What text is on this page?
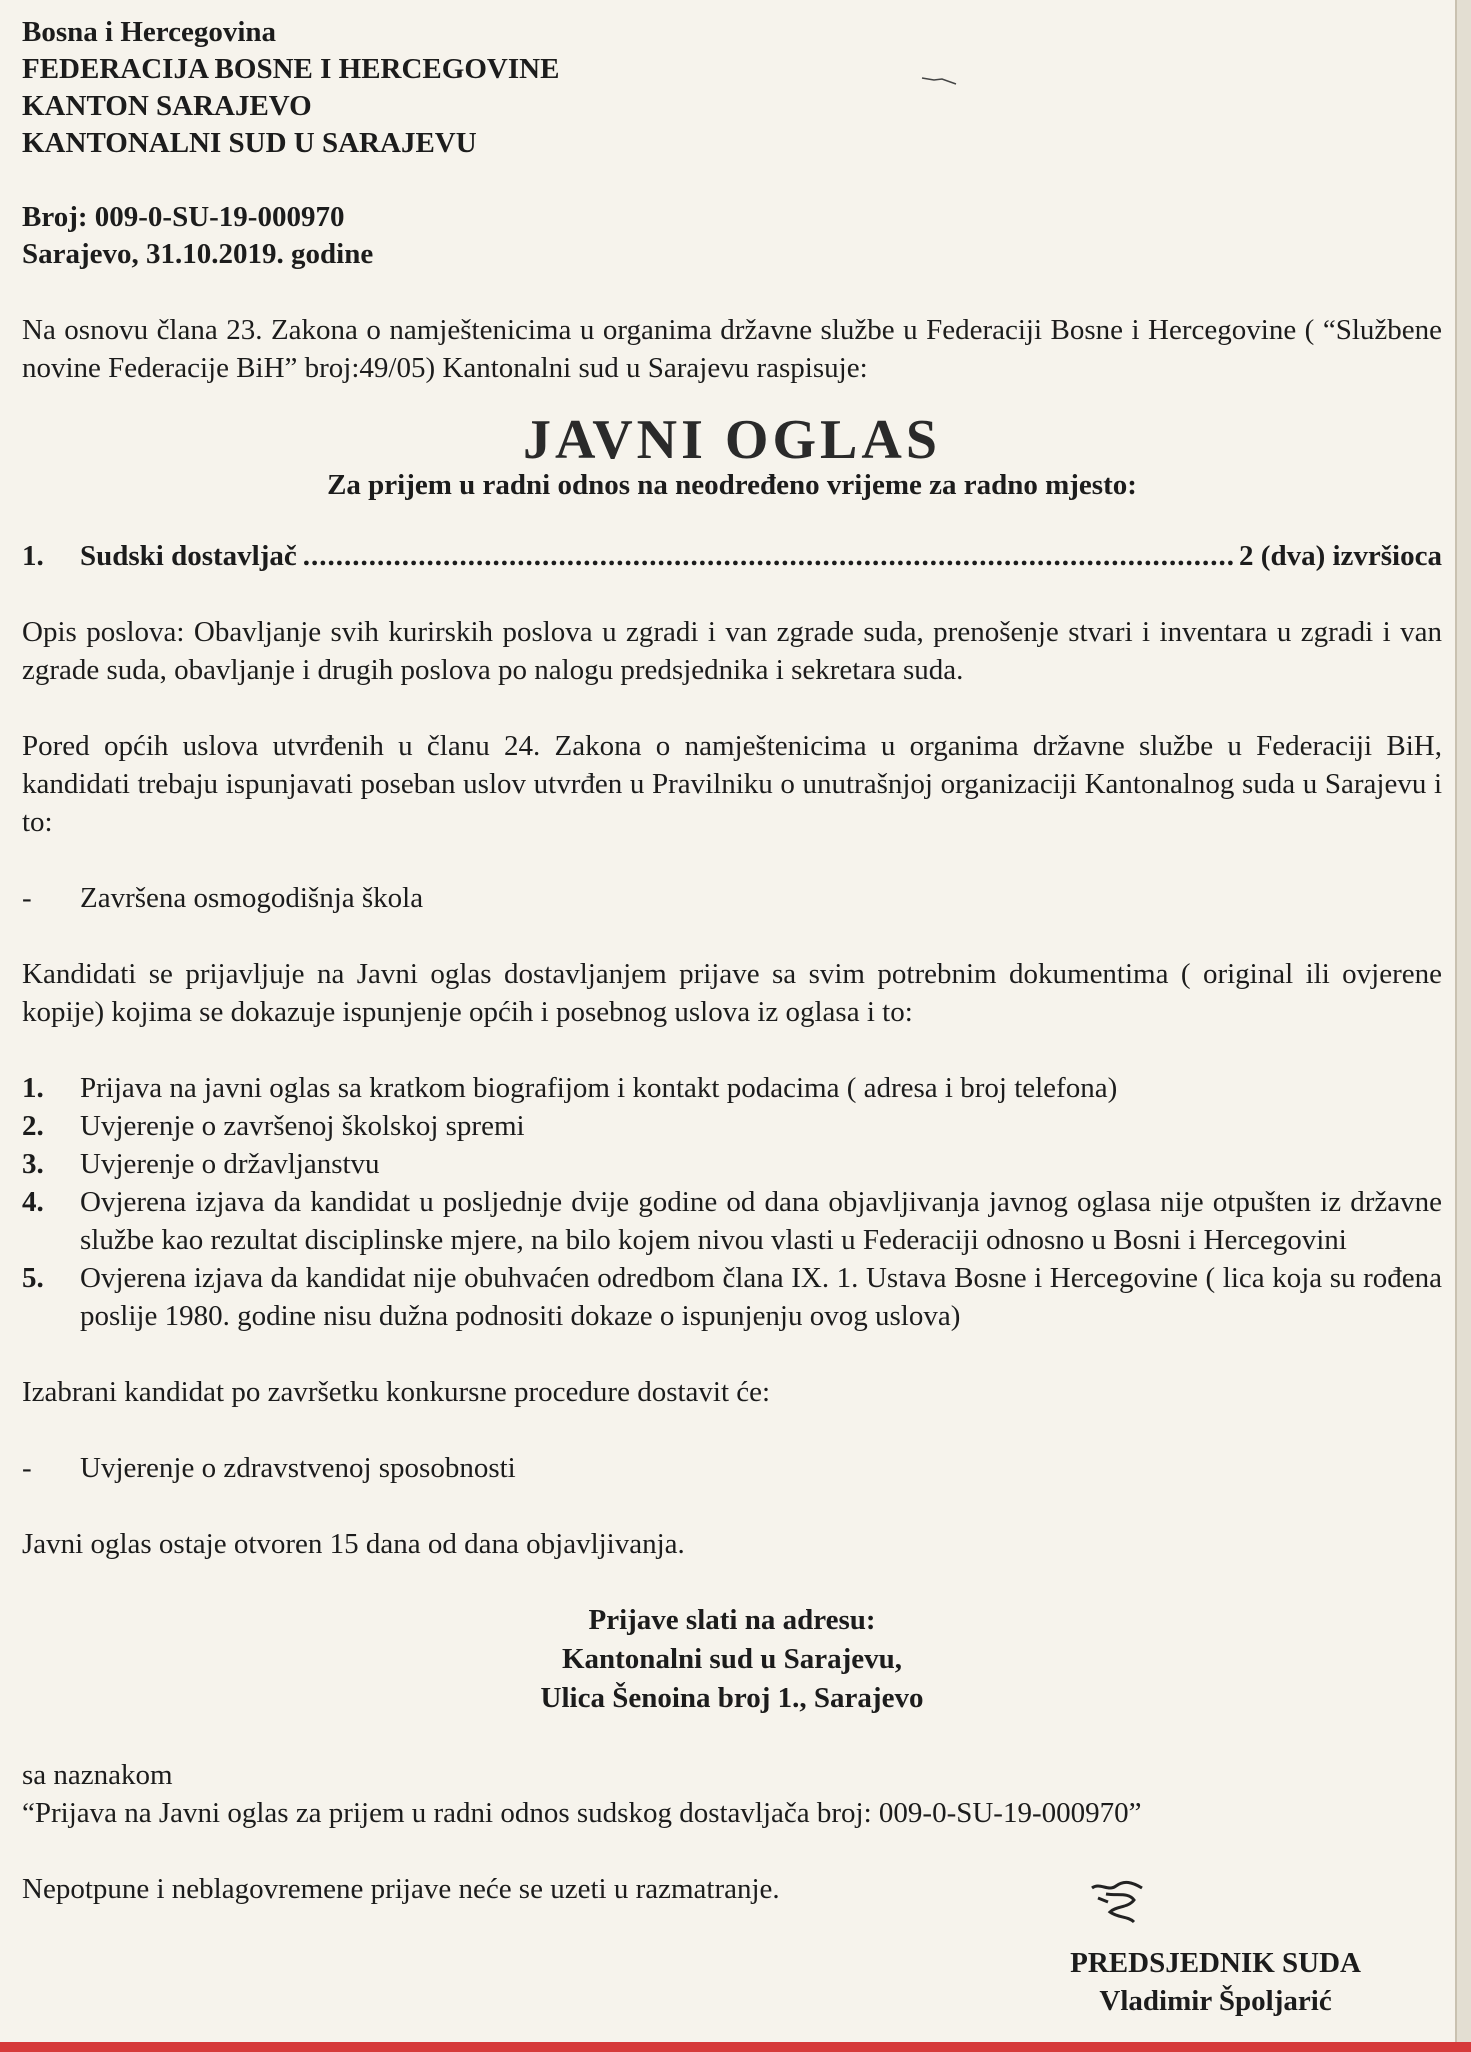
Bosna i Hercegovina

FEDERACIJA BOSNE I HERCEGOVINE

KANTON SARAJEVO

KANTONALNI SUD U SARAJEVU

Broj: 009-0-SU-19-000970

Sarajevo, 31.10.2019. godine

Na osnovu člana 23. Zakona o namještenicima u organima državne službe u Federaciji Bosne i Hercegovine ( “Službene novine Federacije BiH” broj:49/05) Kantonalni sud u Sarajevu raspisuje:

JAVNI OGLAS
Za prijem u radni odnos na neodređeno vrijeme za radno mjesto:
1.	Sudski dostavljač
.....	2 (dva) izvršioca

Opis poslova: Obavljanje svih kurirskih poslova u zgradi i van zgrade suda, prenošenje stvari i inventara u zgradi i van zgrade suda, obavljanje i drugih poslova po nalogu predsjednika i sekretara suda.

Pored općih uslova utvrđenih u članu 24. Zakona o namještenicima u organima državne službe u Federaciji BiH, kandidati trebaju ispunjavati poseban uslov utvrđen u Pravilniku o unutrašnjoj organizaciji Kantonalnog suda u Sarajevu i to:

-	Završena osmogodišnja škola

Kandidati se prijavljuje na Javni oglas dostavljanjem prijave sa svim potrebnim dokumentima ( original ili ovjerene kopije) kojima se dokazuje ispunjenje općih i posebnog uslova iz oglasa i to:

1.	Prijava na javni oglas sa kratkom biografijom i kontakt podacima ( adresa i broj telefona)
2.	Uvjerenje o završenoj školskoj spremi
3.	Uvjerenje o državljanstvu
4.	Ovjerena izjava da kandidat u posljednje dvije godine od dana objavljivanja javnog oglasa nije otpušten iz državne službe kao rezultat disciplinske mjere, na bilo kojem nivou vlasti u Federaciji odnosno u Bosni i Hercegovini
5.	Ovjerena izjava da kandidat nije obuhvaćen odredbom člana IX. 1. Ustava Bosne i Hercegovine ( lica koja su rođena poslije 1980. godine nisu dužna podnositi dokaze o ispunjenju ovog uslova)

Izabrani kandidat po završetku konkursne procedure dostavit će:

-	Uvjerenje o zdravstvenoj sposobnosti

Javni oglas ostaje otvoren 15 dana od dana objavljivanja.

Prijave slati na adresu:

Kantonalni sud u Sarajevu,

Ulica Šenoina broj 1., Sarajevo

sa naznakom

“Prijava na Javni oglas za prijem u radni odnos sudskog dostavljača broj: 009-0-SU-19-000970”

Nepotpune i neblagovremene prijave neće se uzeti u razmatranje.

PREDSJEDNIK SUDA

Vladimir Špoljarić
